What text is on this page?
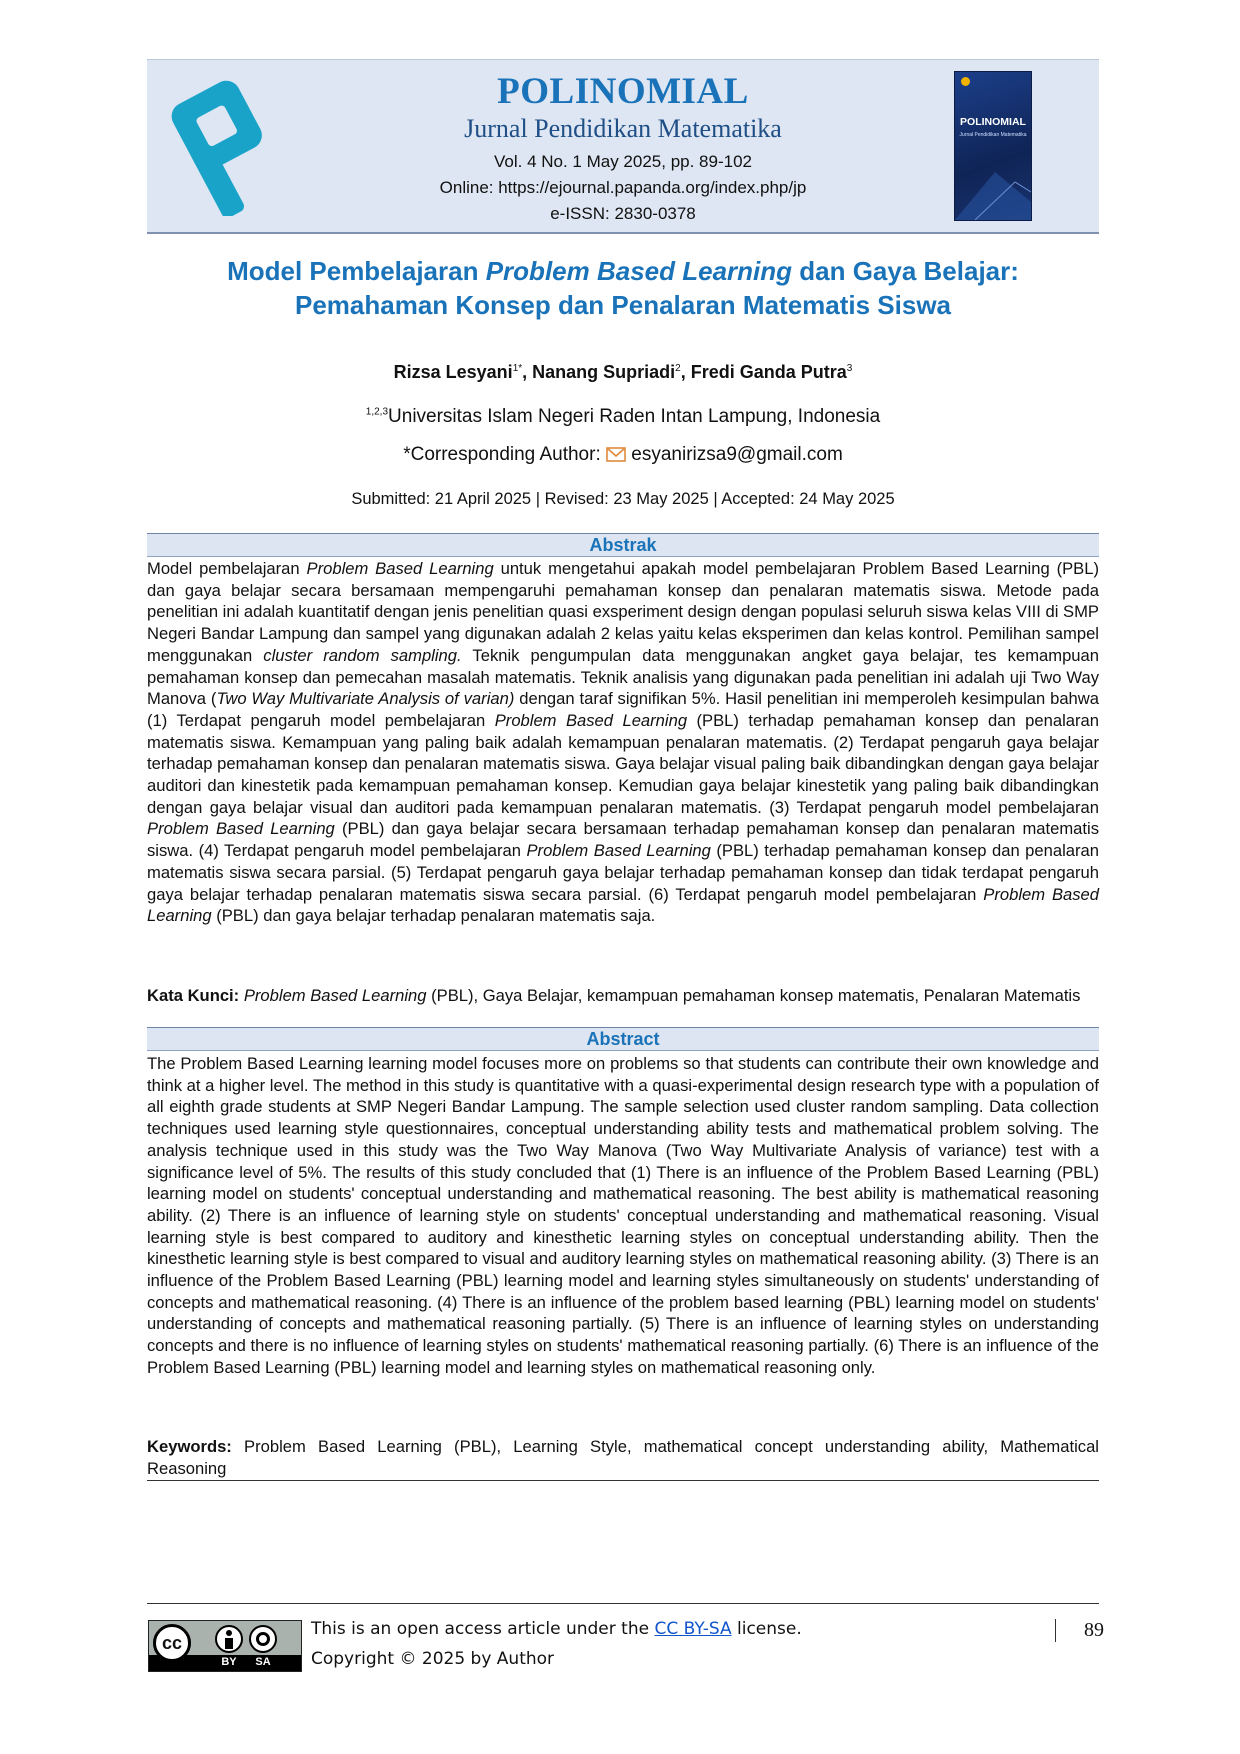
POLINOMIAL
Jurnal Pendidikan Matematika
Vol. 4 No. 1 May 2025, pp. 89-102
Online: https://ejournal.papanda.org/index.php/jp
e-ISSN: 2830-0378
POLINOMIAL
Jurnal Pendidikan Matematika
Model Pembelajaran Problem Based Learning dan Gaya Belajar:
Pemahaman Konsep dan Penalaran Matematis Siswa
Rizsa Lesyani$^{1*}$, Nanang Supriadi$^2$, Fredi Ganda Putra$^3$
$^{1,2,3}$Universitas Islam Negeri Raden Intan Lampung, Indonesia
*Corresponding Author:  esyanirizsa9@gmail.com
Submitted: 21 April 2025 | Revised: 23 May 2025 | Accepted: 24 May 2025
Abstrak
Model pembelajaran Problem Based Learning untuk mengetahui apakah model pembelajaran Problem Based Learning (PBL) dan gaya belajar secara bersamaan mempengaruhi pemahaman konsep dan penalaran matematis siswa. Metode pada penelitian ini adalah kuantitatif dengan jenis penelitian quasi exsperiment design dengan populasi seluruh siswa kelas VIII di SMP Negeri Bandar Lampung dan sampel yang digunakan adalah 2 kelas yaitu kelas eksperimen dan kelas kontrol. Pemilihan sampel menggunakan cluster random sampling. Teknik pengumpulan data menggunakan angket gaya belajar, tes kemampuan pemahaman konsep dan pemecahan masalah matematis. Teknik analisis yang digunakan pada penelitian ini adalah uji Two Way Manova (Two Way Multivariate Analysis of varian) dengan taraf signifikan 5%. Hasil penelitian ini memperoleh kesimpulan bahwa (1) Terdapat pengaruh model pembelajaran Problem Based Learning (PBL) terhadap pemahaman konsep dan penalaran matematis siswa. Kemampuan yang paling baik adalah kemampuan penalaran matematis. (2) Terdapat pengaruh gaya belajar terhadap pemahaman konsep dan penalaran matematis siswa. Gaya belajar visual paling baik dibandingkan dengan gaya belajar auditori dan kinestetik pada kemampuan pemahaman konsep. Kemudian gaya belajar kinestetik yang paling baik dibandingkan dengan gaya belajar visual dan auditori pada kemampuan penalaran matematis. (3) Terdapat pengaruh model pembelajaran Problem Based Learning (PBL) dan gaya belajar secara bersamaan terhadap pemahaman konsep dan penalaran matematis siswa. (4) Terdapat pengaruh model pembelajaran Problem Based Learning (PBL) terhadap pemahaman konsep dan penalaran matematis siswa secara parsial. (5) Terdapat pengaruh gaya belajar terhadap pemahaman konsep dan tidak terdapat pengaruh gaya belajar terhadap penalaran matematis siswa secara parsial. (6) Terdapat pengaruh model pembelajaran Problem Based Learning (PBL) dan gaya belajar terhadap penalaran matematis saja.
Kata Kunci: Problem Based Learning (PBL), Gaya Belajar, kemampuan pemahaman konsep matematis, Penalaran Matematis
Abstract
The Problem Based Learning learning model focuses more on problems so that students can contribute their own knowledge and think at a higher level. The method in this study is quantitative with a quasi-experimental design research type with a population of all eighth grade students at SMP Negeri Bandar Lampung. The sample selection used cluster random sampling. Data collection techniques used learning style questionnaires, conceptual understanding ability tests and mathematical problem solving. The analysis technique used in this study was the Two Way Manova (Two Way Multivariate Analysis of variance) test with a significance level of 5%. The results of this study concluded that (1) There is an influence of the Problem Based Learning (PBL) learning model on students' conceptual understanding and mathematical reasoning. The best ability is mathematical reasoning ability. (2) There is an influence of learning style on students' conceptual understanding and mathematical reasoning. Visual learning style is best compared to auditory and kinesthetic learning styles on conceptual understanding ability. Then the kinesthetic learning style is best compared to visual and auditory learning styles on mathematical reasoning ability. (3) There is an influence of the Problem Based Learning (PBL) learning model and learning styles simultaneously on students' understanding of concepts and mathematical reasoning. (4) There is an influence of the problem based learning (PBL) learning model on students' understanding of concepts and mathematical reasoning partially. (5) There is an influence of learning styles on understanding concepts and there is no influence of learning styles on students' mathematical reasoning partially. (6) There is an influence of the Problem Based Learning (PBL) learning model and learning styles on mathematical reasoning only.
Keywords: Problem Based Learning (PBL), Learning Style, mathematical concept understanding ability, Mathematical Reasoning
cc
BY	SA
This is an open access article under the CC BY-SA license.
Copyright © 2025 by Author
89
